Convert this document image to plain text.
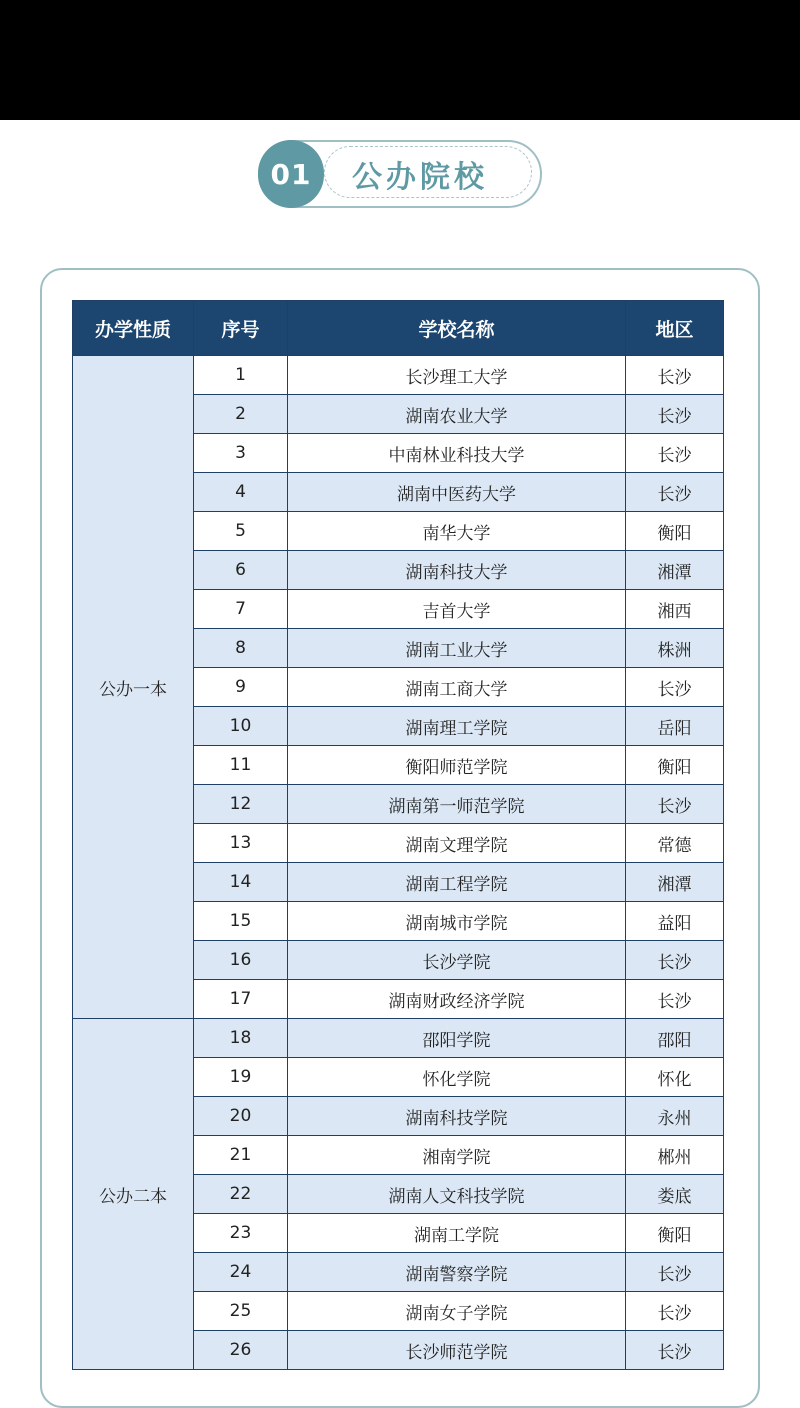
01	公办院校
办学性质	序号	学校名称	地区
公办一本	1	长沙理工大学	长沙
	2	湖南农业大学	长沙
	3	中南林业科技大学	长沙
	4	湖南中医药大学	长沙
	5	南华大学	衡阳
	6	湖南科技大学	湘潭
	7	吉首大学	湘西
	8	湖南工业大学	株洲
	9	湖南工商大学	长沙
	10	湖南理工学院	岳阳
	11	衡阳师范学院	衡阳
	12	湖南第一师范学院	长沙
	13	湖南文理学院	常德
	14	湖南工程学院	湘潭
	15	湖南城市学院	益阳
	16	长沙学院	长沙
	17	湖南财政经济学院	长沙
公办二本	18	邵阳学院	邵阳
	19	怀化学院	怀化
	20	湖南科技学院	永州
	21	湘南学院	郴州
	22	湖南人文科技学院	娄底
	23	湖南工学院	衡阳
	24	湖南警察学院	长沙
	25	湖南女子学院	长沙
	26	长沙师范学院	长沙
